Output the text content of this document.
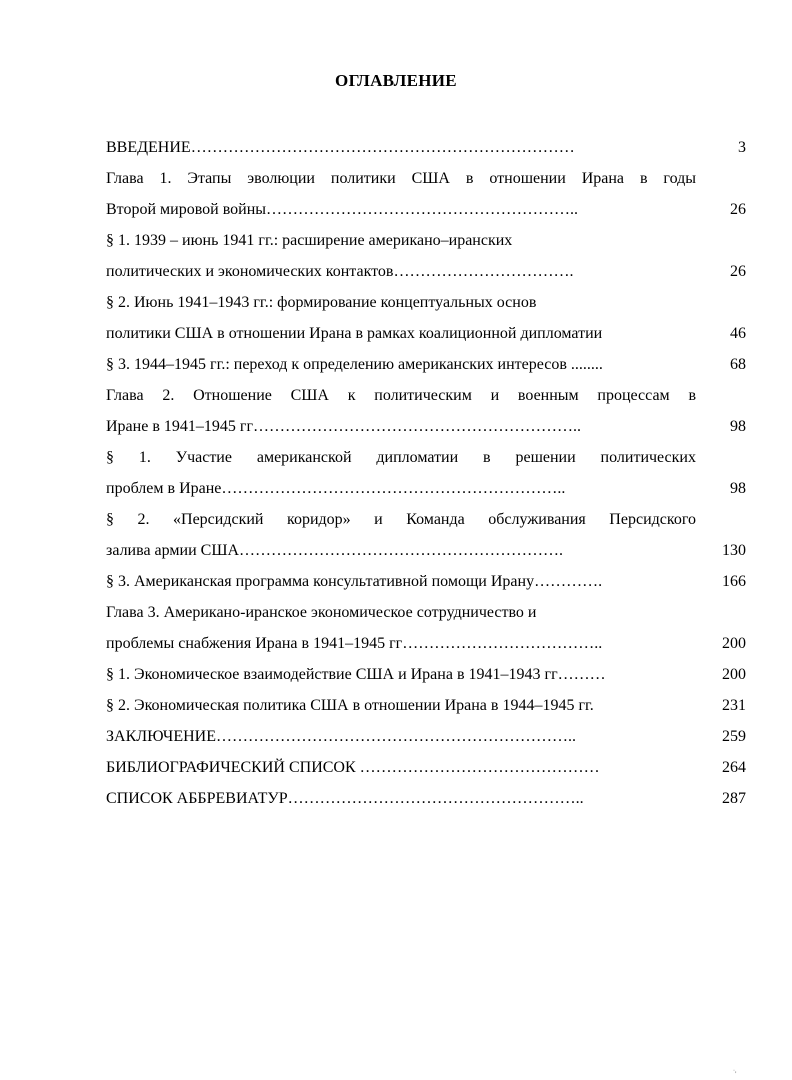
ОГЛАВЛЕНИЕ
ВВЕДЕНИЕ………………………………………………………………	3
Глава 1. Этапы эволюции политики США в отношении Ирана в годы
Второй мировой войны…………………………………………………..	26
§ 1. 1939 – июнь 1941 гг.: расширение американо–иранских
политических и экономических контактов…………………………….	26
§ 2. Июнь 1941–1943 гг.: формирование концептуальных основ
политики США в отношении Ирана в рамках коалиционной дипломатии	46
§ 3. 1944–1945 гг.: переход к определению американских интересов ........	68
Глава 2. Отношение США к политическим и военным процессам в
Иране в 1941–1945 гг……………………………………………………..	98
§ 1. Участие американской дипломатии в решении политических
проблем в Иране………………………………………………………..	98
§ 2. «Персидский коридор» и Команда обслуживания Персидского
залива армии США…………………………………………………….	130
§ 3. Американская программа консультативной помощи Ирану………….	166
Глава 3. Американо-иранское экономическое сотрудничество и
проблемы снабжения Ирана в 1941–1945 гг………………………………..	200
§ 1. Экономическое взаимодействие США и Ирана в 1941–1943 гг………	200
§ 2. Экономическая политика США в отношении Ирана в 1944–1945 гг.	231
ЗАКЛЮЧЕНИЕ…………………………………………………………..	259
БИБЛИОГРАФИЧЕСКИЙ СПИСОК ………………………………………	264
СПИСОК АББРЕВИАТУР………………………………………………..	287
·,
